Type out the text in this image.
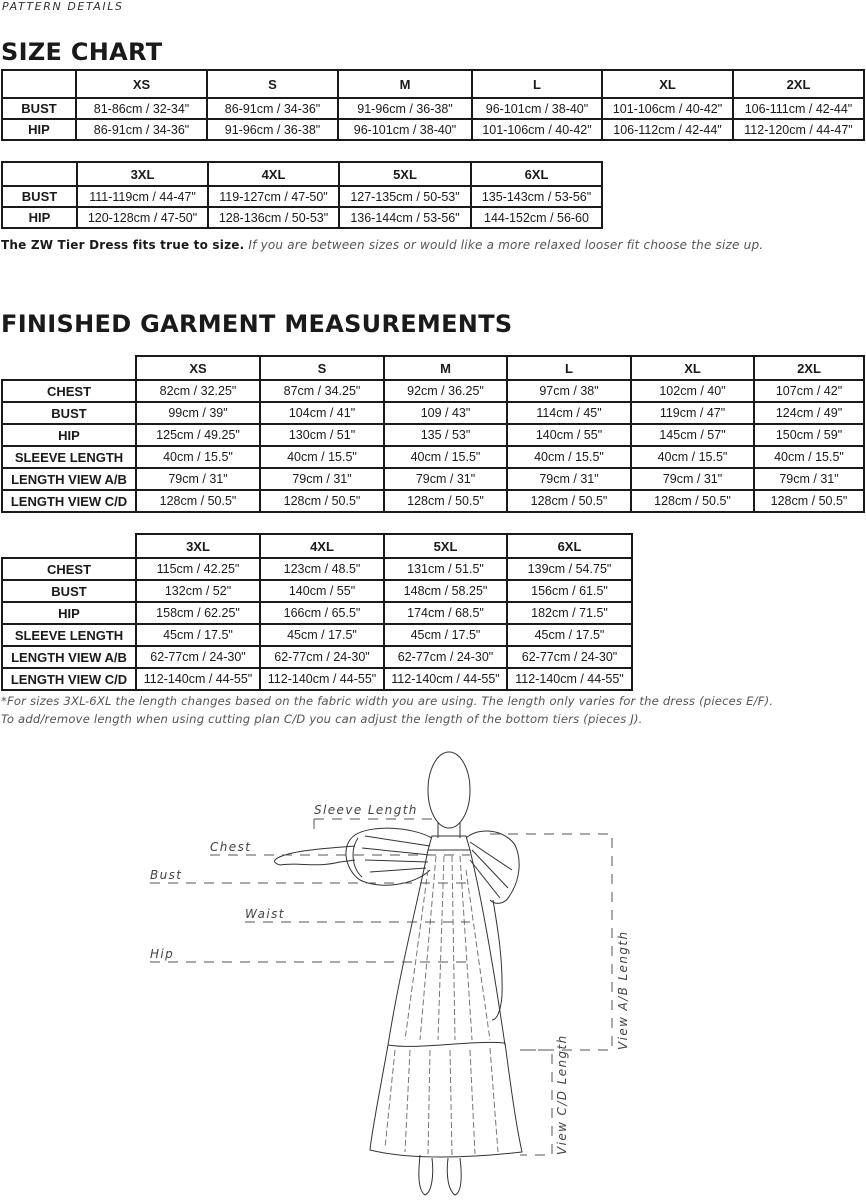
PATTERN DETAILS
SIZE CHART
	XS	S	M	L	XL	2XL
BUST	81-86cm / 32-34"	86-91cm / 34-36"	91-96cm / 36-38"	96-101cm / 38-40"	101-106cm / 40-42"	106-111cm / 42-44"
HIP	86-91cm / 34-36"	91-96cm / 36-38"	96-101cm / 38-40"	101-106cm / 40-42"	106-112cm / 42-44"	112-120cm / 44-47"
	3XL	4XL	5XL	6XL
BUST	111-119cm / 44-47"	119-127cm / 47-50"	127-135cm / 50-53"	135-143cm / 53-56"
HIP	120-128cm / 47-50"	128-136cm / 50-53"	136-144cm / 53-56"	144-152cm / 56-60
The ZW Tier Dress fits true to size. If you are between sizes or would like a more relaxed looser fit choose the size up.
FINISHED GARMENT MEASUREMENTS
	XS	S	M	L	XL	2XL
CHEST	82cm / 32.25"	87cm / 34.25"	92cm / 36.25"	97cm / 38"	102cm / 40"	107cm / 42"
BUST	99cm / 39"	104cm / 41"	109 / 43"	114cm / 45"	119cm / 47"	124cm / 49"
HIP	125cm / 49.25"	130cm / 51"	135 / 53"	140cm / 55"	145cm / 57"	150cm / 59"
SLEEVE LENGTH	40cm / 15.5"	40cm / 15.5"	40cm / 15.5"	40cm / 15.5"	40cm / 15.5"	40cm / 15.5"
LENGTH VIEW A/B	79cm / 31"	79cm / 31"	79cm / 31"	79cm / 31"	79cm / 31"	79cm / 31"
LENGTH VIEW C/D	128cm / 50.5"	128cm / 50.5"	128cm / 50.5"	128cm / 50.5"	128cm / 50.5"	128cm / 50.5"
	3XL	4XL	5XL	6XL
CHEST	115cm / 42.25"	123cm / 48.5"	131cm / 51.5"	139cm / 54.75"
BUST	132cm / 52"	140cm / 55"	148cm / 58.25"	156cm / 61.5"
HIP	158cm / 62.25"	166cm / 65.5"	174cm / 68.5"	182cm / 71.5"
SLEEVE LENGTH	45cm / 17.5"	45cm / 17.5"	45cm / 17.5"	45cm / 17.5"
LENGTH VIEW A/B	62-77cm / 24-30"	62-77cm / 24-30"	62-77cm / 24-30"	62-77cm / 24-30"
LENGTH VIEW C/D	112-140cm / 44-55"	112-140cm / 44-55"	112-140cm / 44-55"	112-140cm / 44-55"
*For sizes 3XL-6XL the length changes based on the fabric width you are using. The length only varies for the dress (pieces E/F).
To add/remove length when using cutting plan C/D you can adjust the length of the bottom tiers (pieces J).
Sleeve Length
Chest
Bust
Waist
Hip	View A/B Length
View C/D Length
